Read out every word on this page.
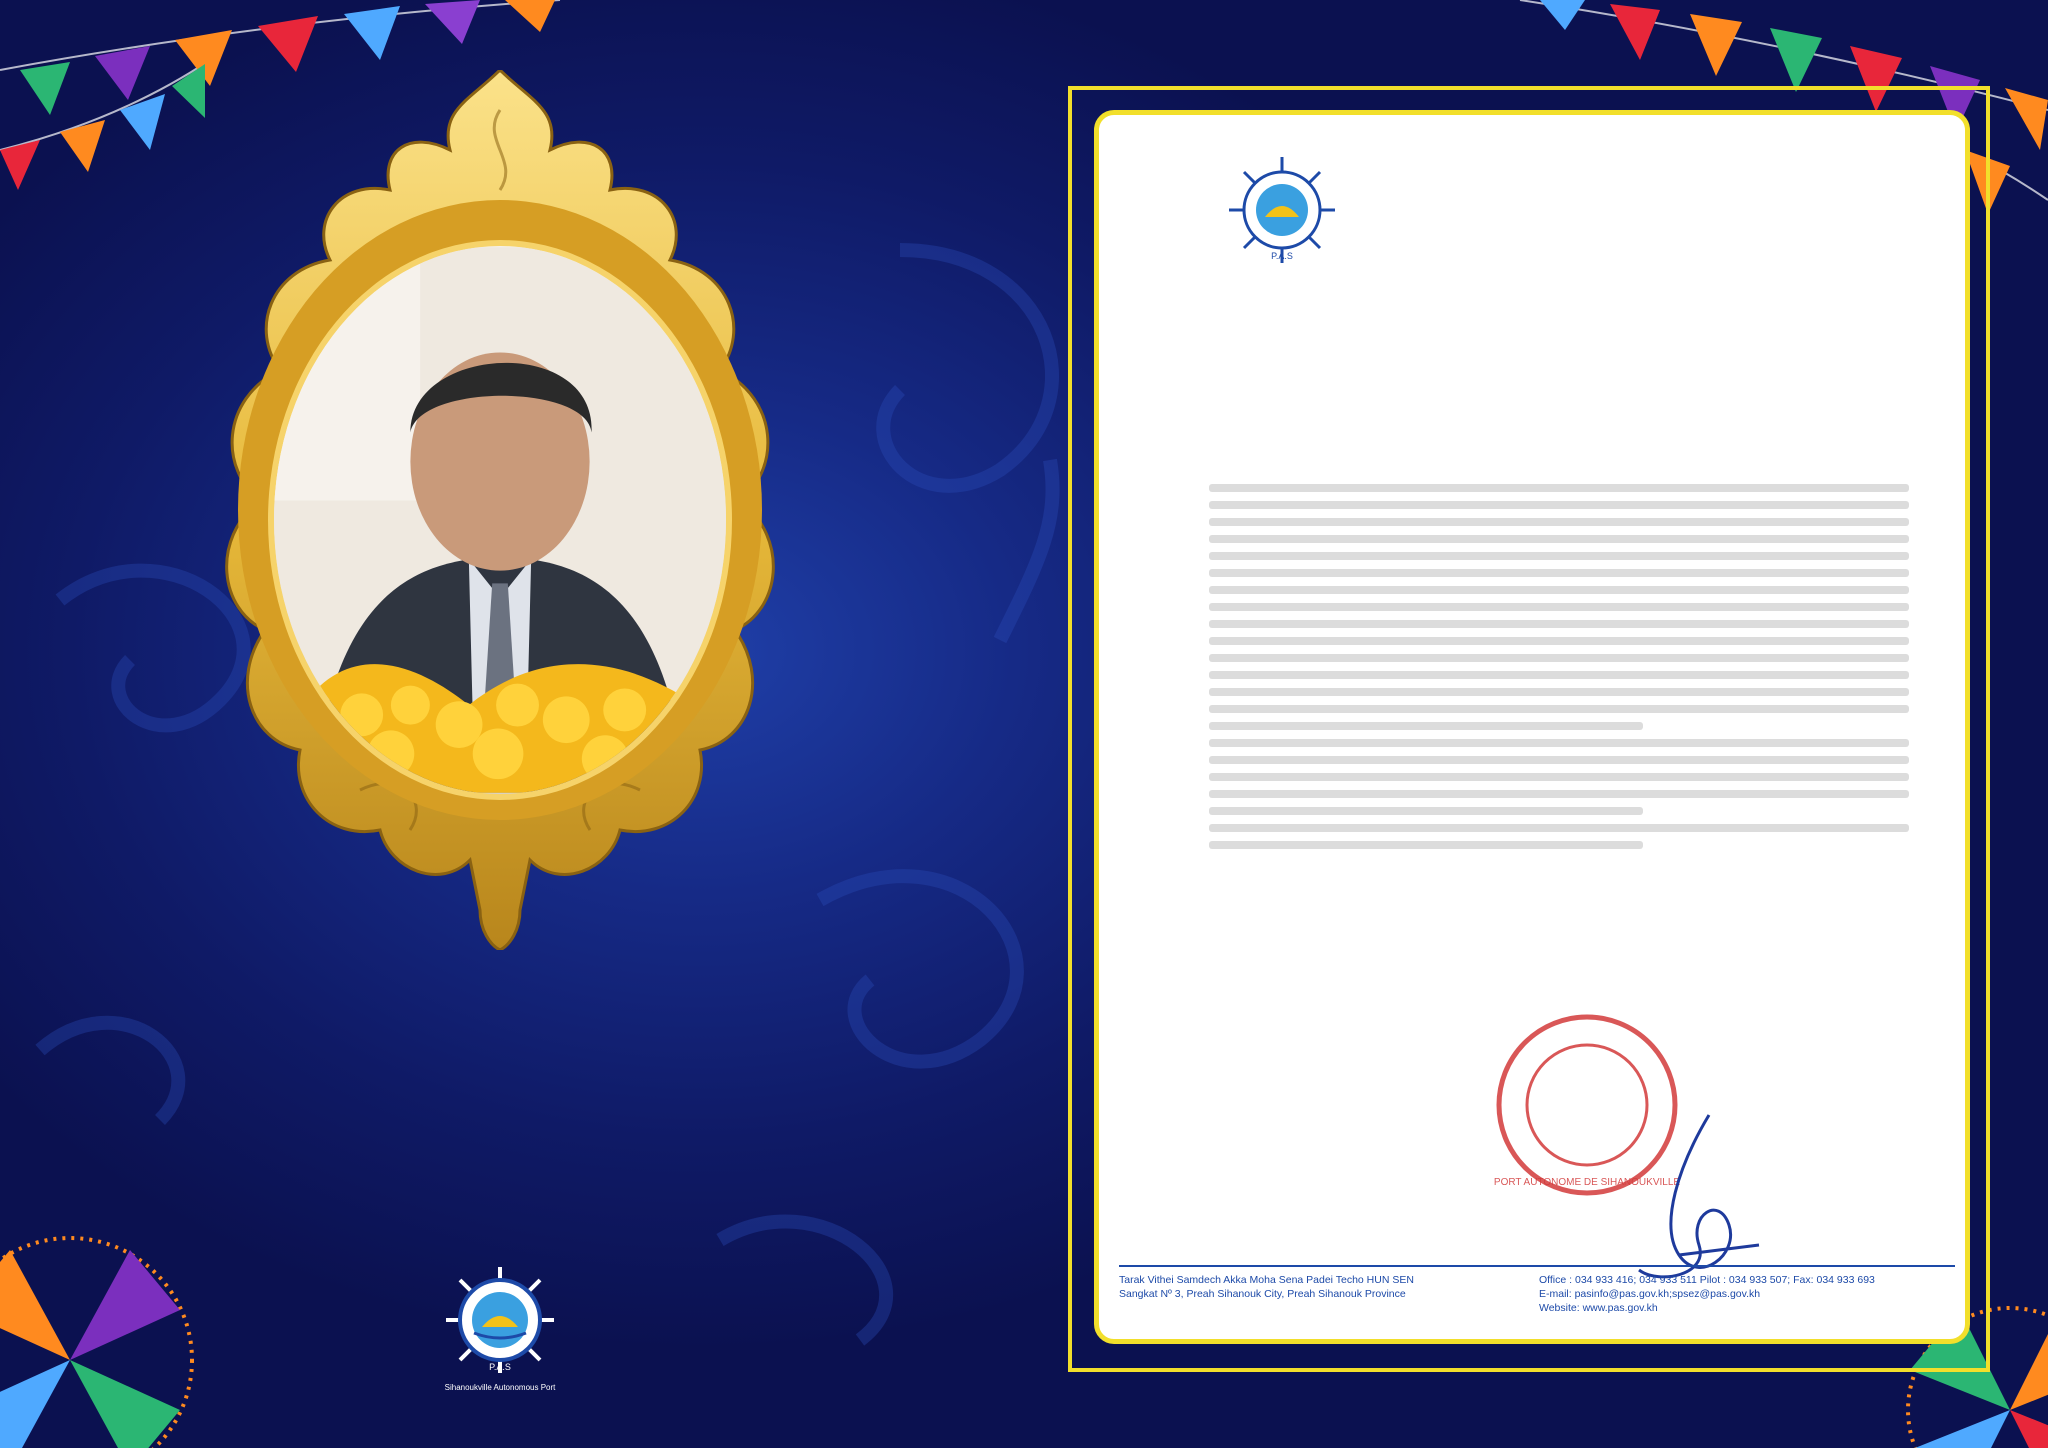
P.A.S
Sihanoukville Autonomous Port
P.A.S
PORT AUTONOME DE SIHANOUKVILLE
Tarak Vithei Samdech Akka Moha Sena Padei Techo HUN SEN
Sangkat Nº 3, Preah Sihanouk City, Preah Sihanouk Province
Office : 034 933 416; 034 933 511 Pilot : 034 933 507; Fax: 034 933 693
E-mail: pasinfo@pas.gov.kh;spsez@pas.gov.kh
Website: www.pas.gov.kh
